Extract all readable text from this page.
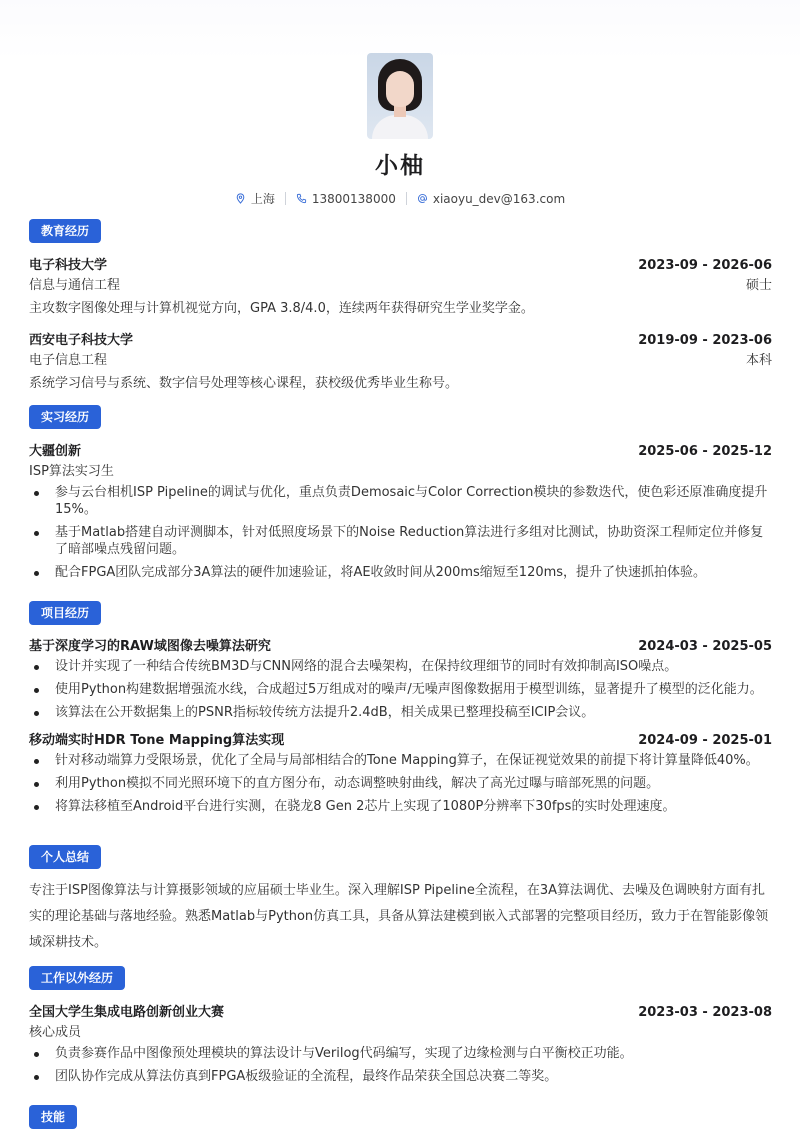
小柚
上海	13800138000	xiaoyu_dev@163.com
教育经历
电子科技大学	2023-09 - 2026-06
信息与通信工程	硕士
主攻数字图像处理与计算机视觉方向，GPA 3.8/4.0，连续两年获得研究生学业奖学金。
西安电子科技大学	2019-09 - 2023-06
电子信息工程	本科
系统学习信号与系统、数字信号处理等核心课程，获校级优秀毕业生称号。
实习经历
大疆创新	2025-06 - 2025-12
ISP算法实习生
参与云台相机ISP Pipeline的调试与优化，重点负责Demosaic与Color Correction模块的参数迭代，使色彩还原准确度提升15%。
基于Matlab搭建自动评测脚本，针对低照度场景下的Noise Reduction算法进行多组对比测试，协助资深工程师定位并修复了暗部噪点残留问题。
配合FPGA团队完成部分3A算法的硬件加速验证，将AE收敛时间从200ms缩短至120ms，提升了快速抓拍体验。
项目经历
基于深度学习的RAW域图像去噪算法研究	2024-03 - 2025-05
设计并实现了一种结合传统BM3D与CNN网络的混合去噪架构，在保持纹理细节的同时有效抑制高ISO噪点。
使用Python构建数据增强流水线，合成超过5万组成对的噪声/无噪声图像数据用于模型训练，显著提升了模型的泛化能力。
该算法在公开数据集上的PSNR指标较传统方法提升2.4dB，相关成果已整理投稿至ICIP会议。
移动端实时HDR Tone Mapping算法实现	2024-09 - 2025-01
针对移动端算力受限场景，优化了全局与局部相结合的Tone Mapping算子，在保证视觉效果的前提下将计算量降低40%。
利用Python模拟不同光照环境下的直方图分布，动态调整映射曲线，解决了高光过曝与暗部死黑的问题。
将算法移植至Android平台进行实测，在骁龙8 Gen 2芯片上实现了1080P分辨率下30fps的实时处理速度。
个人总结
专注于ISP图像算法与计算摄影领域的应届硕士毕业生。深入理解ISP Pipeline全流程，在3A算法调优、去噪及色调映射方面有扎实的理论基础与落地经验。熟悉Matlab与Python仿真工具，具备从算法建模到嵌入式部署的完整项目经历，致力于在智能影像领域深耕技术。
工作以外经历
全国大学生集成电路创新创业大赛	2023-03 - 2023-08
核心成员
负责参赛作品中图像预处理模块的算法设计与Verilog代码编写，实现了边缘检测与白平衡校正功能。
团队协作完成从算法仿真到FPGA板级验证的全流程，最终作品荣获全国总决赛二等奖。
技能
